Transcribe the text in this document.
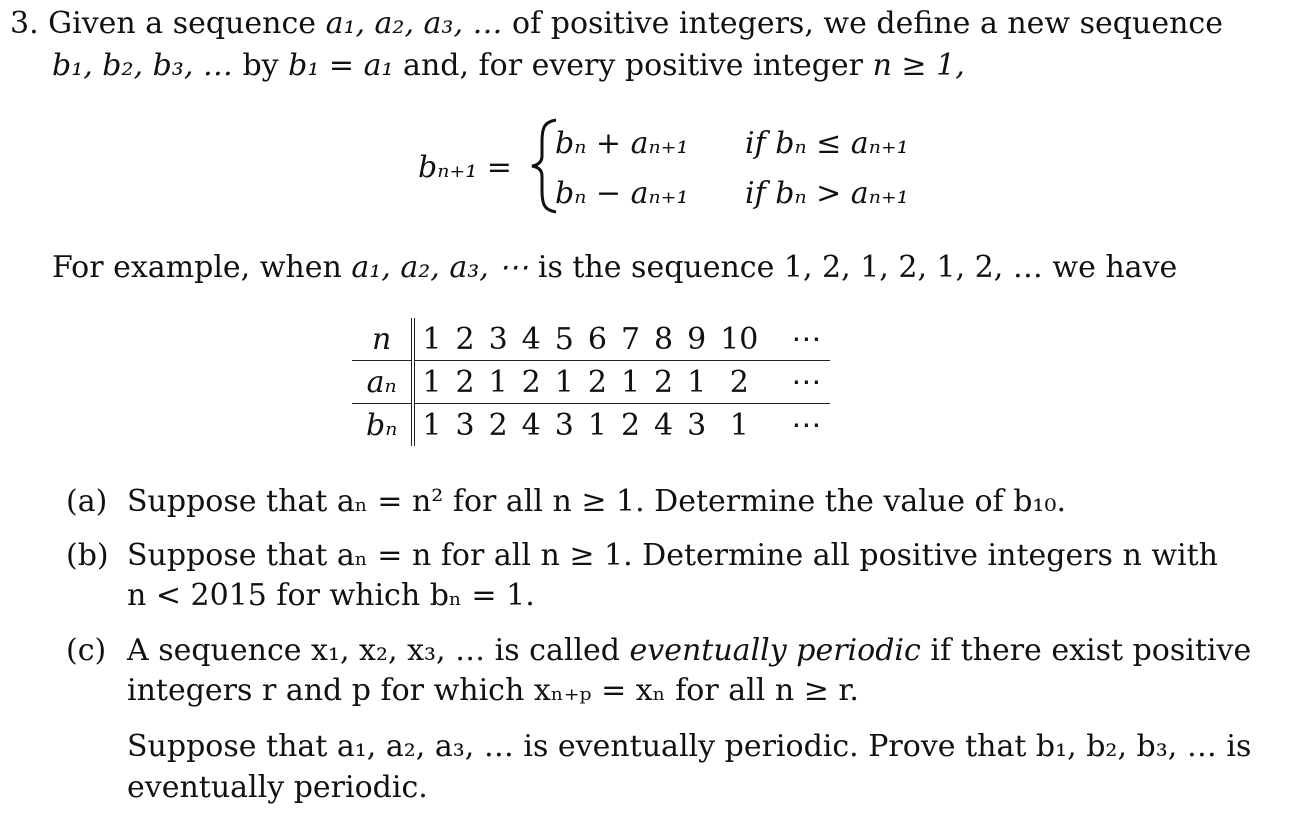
3. Given a sequence a₁, a₂, a₃, … of positive integers, we define a new sequence
b₁, b₂, b₃, … by b₁ = a₁ and, for every positive integer n ≥ 1,
bₙ₊₁ =
bₙ + aₙ₊₁ if bₙ ≤ aₙ₊₁
bₙ − aₙ₊₁ if bₙ > aₙ₊₁
For example, when a₁, a₂, a₃, ⋯ is the sequence 1, 2, 1, 2, 1, 2, … we have
n	1	2	3	4	5	6	7	8	9	10	⋯
aₙ	1	2	1	2	1	2	1	2	1	2	⋯
bₙ	1	3	2	4	3	1	2	4	3	1	⋯
(a) Suppose that aₙ = n² for all n ≥ 1. Determine the value of b₁₀.
(b) Suppose that aₙ = n for all n ≥ 1. Determine all positive integers n with
n < 2015 for which bₙ = 1.
(c) A sequence x₁, x₂, x₃, … is called eventually periodic if there exist positive
integers r and p for which xₙ₊ₚ = xₙ for all n ≥ r.
Suppose that a₁, a₂, a₃, … is eventually periodic. Prove that b₁, b₂, b₃, … is
eventually periodic.
